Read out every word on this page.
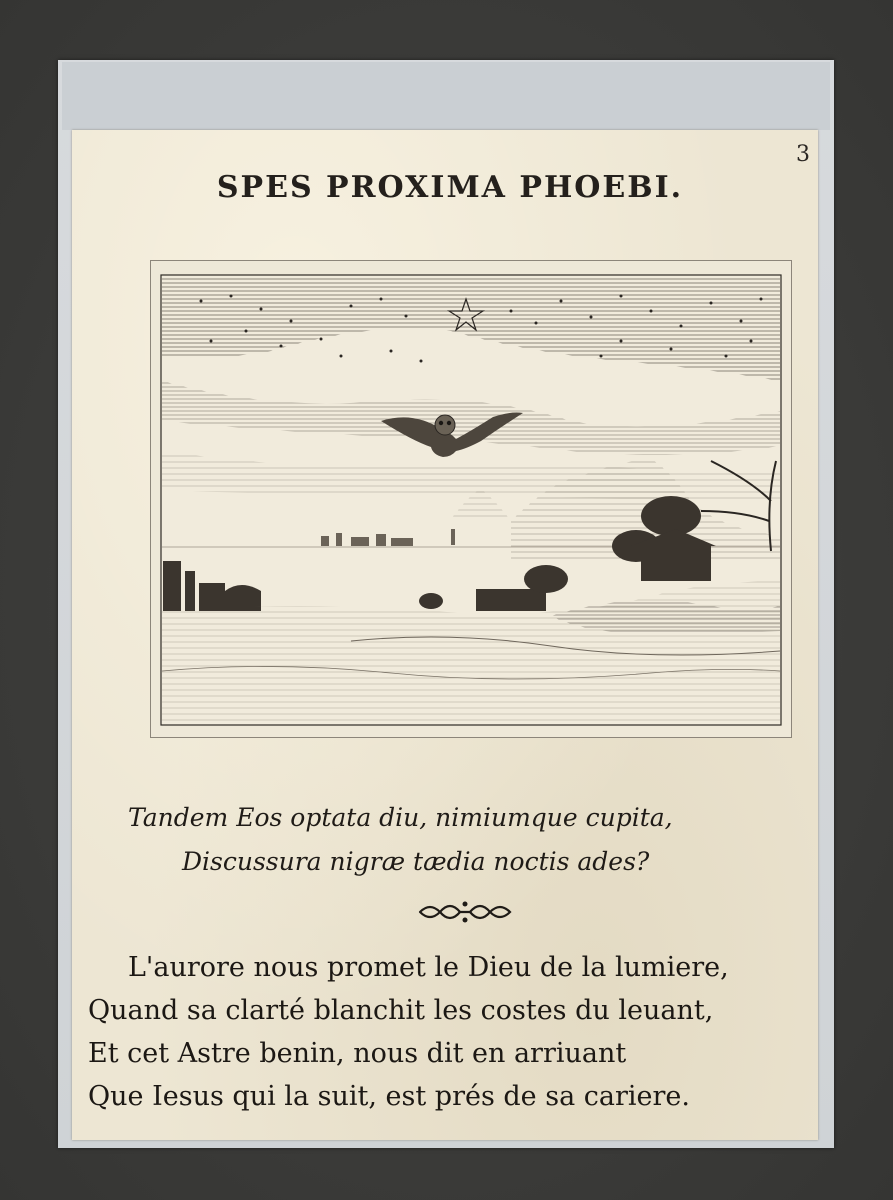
3
SPES PROXIMA PHOEBI.
Tandem Eos optata diu, nimiumque cupita,
Discussura nigræ tædia noctis ades?
L'aurore nous promet le Dieu de la lumiere,
Quand sa clarté blanchit les costes du leuant,
Et cet Astre benin, nous dit en arriuant
Que Iesus qui la suit, est prés de sa cariere.
